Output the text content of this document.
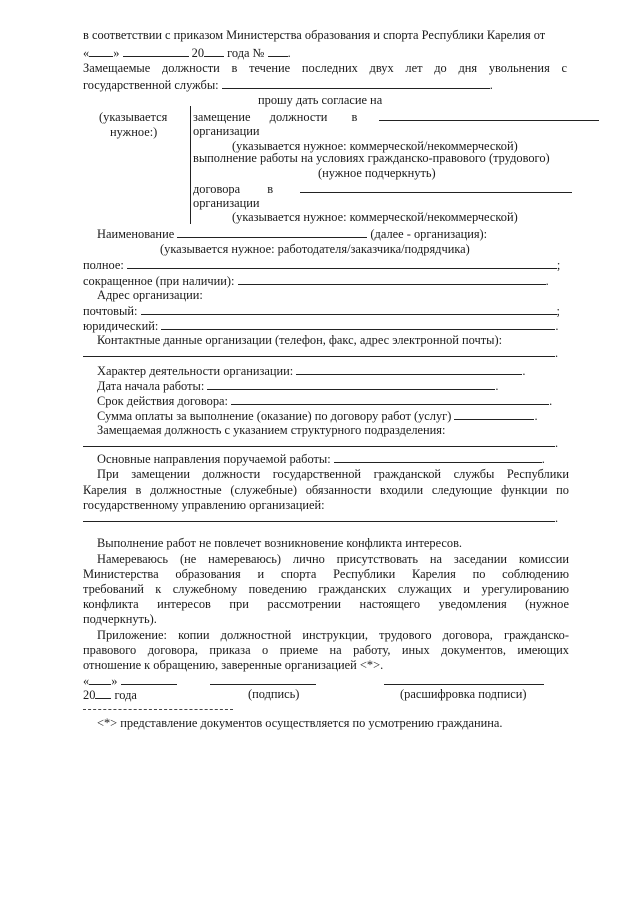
в соответствии с приказом Министерства образования и спорта Республики Карелия от
« »	20 года № .
Замещаемые должности в течение последних двух лет до дня увольнения с
государственной службы:	.
прошу дать согласие на
(указывается
нужное:)
замещение должности в
организации
(указывается нужное: коммерческой/некоммерческой)
выполнение работы на условиях гражданско-правового (трудового)
(нужное подчеркнуть)
договора в
организации
(указывается нужное: коммерческой/некоммерческой)
Наименование	(далее - организация):
(указывается нужное: работодателя/заказчика/подрядчика)
полное:	;
сокращенное (при наличии):	.
Адрес организации:
почтовый:	;
юридический:	.
Контактные данные организации (телефон, факс, адрес электронной почты):
.
Характер деятельности организации:	.
Дата начала работы:	.
Срок действия договора:	.
Сумма оплаты за выполнение (оказание) по договору работ (услуг)	.
Замещаемая должность с указанием структурного подразделения:
.
Основные направления поручаемой работы:	.
При замещении должности государственной гражданской службы Республики
Карелия в должностные (служебные) обязанности входили следующие функции по
государственному управлению организацией:
.
Выполнение работ не повлечет возникновение конфликта интересов.
Намереваюсь (не намереваюсь) лично присутствовать на заседании комиссии
Министерства образования и спорта Республики Карелия по соблюдению
требований к служебному поведению гражданских служащих и урегулированию
конфликта интересов при рассмотрении настоящего уведомления (нужное
подчеркнуть).
Приложение: копии должностной инструкции, трудового договора, гражданско-
правового договора, приказа о приеме на работу, иных документов, имеющих
отношение к обращению, заверенные организацией <*>.
« »
20 года	(подпись)	(расшифровка подписи)
<*> представление документов осуществляется по усмотрению гражданина.
